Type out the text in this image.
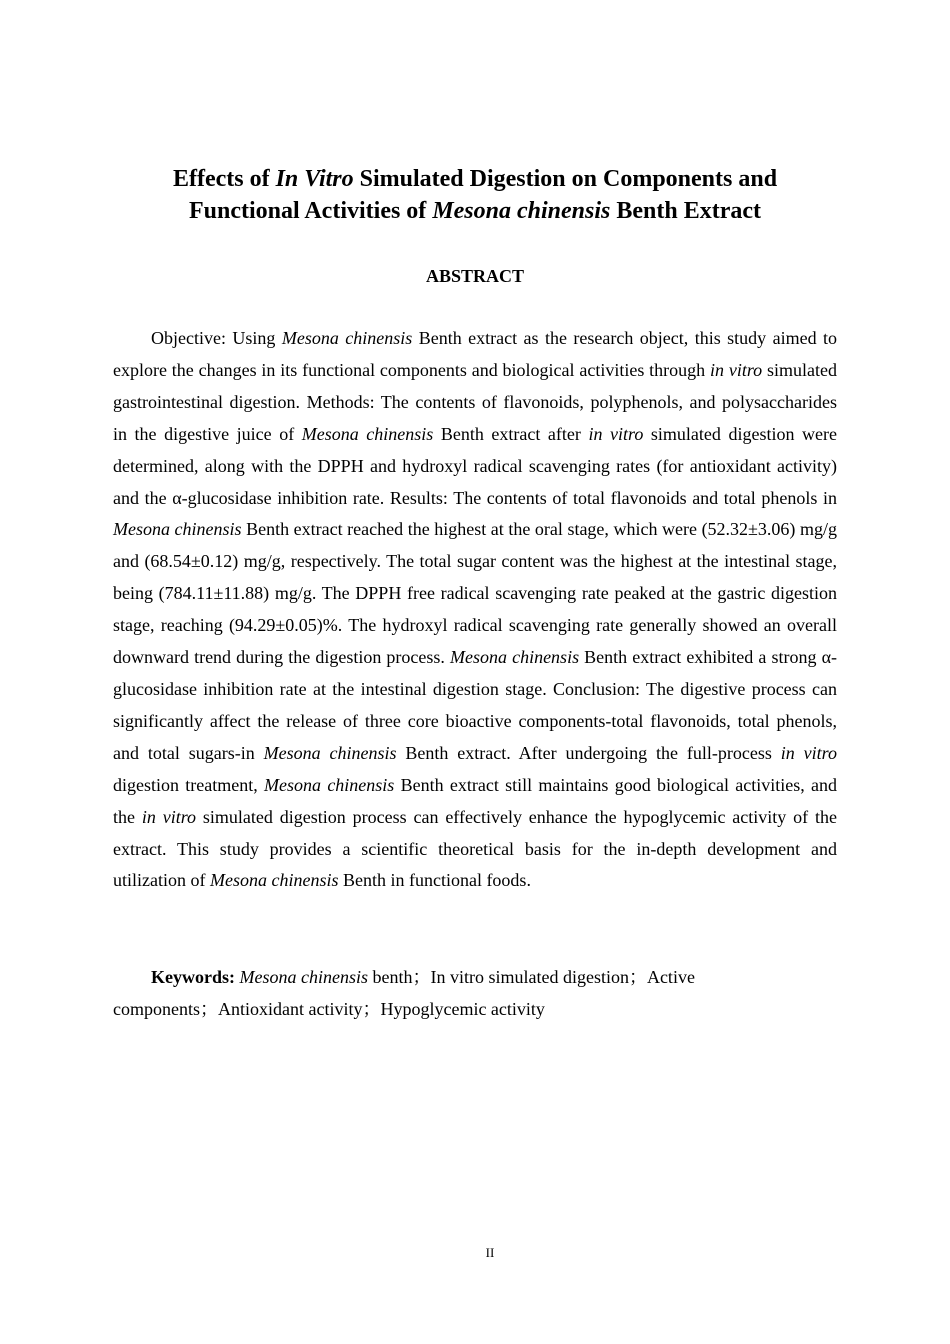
Effects of In Vitro Simulated Digestion on Components and
Functional Activities of Mesona chinensis Benth Extract
ABSTRACT

Objective: Using Mesona chinensis Benth extract as the research object, this study aimed to explore the changes in its functional components and biological activities through in vitro simulated gastrointestinal digestion. Methods: The contents of flavonoids, polyphenols, and polysaccharides in the digestive juice of Mesona chinensis Benth extract after in vitro simulated digestion were determined, along with the DPPH and hydroxyl radical scavenging rates (for antioxidant activity) and the α-glucosidase inhibition rate. Results: The contents of total flavonoids and total phenols in Mesona chinensis Benth extract reached the highest at the oral stage, which were (52.32±3.06) mg/g and (68.54±0.12) mg/g, respectively. The total sugar content was the highest at the intestinal stage, being (784.11±11.88) mg/g. The DPPH free radical scavenging rate peaked at the gastric digestion stage, reaching (94.29±0.05)%. The hydroxyl radical scavenging rate generally showed an overall downward trend during the digestion process. Mesona chinensis Benth extract exhibited a strong α-glucosidase inhibition rate at the intestinal digestion stage. Conclusion: The digestive process can significantly affect the release of three core bioactive components-total flavonoids, total phenols, and total sugars-in Mesona chinensis Benth extract. After undergoing the full-process in vitro digestion treatment, Mesona chinensis Benth extract still maintains good biological activities, and the in vitro simulated digestion process can effectively enhance the hypoglycemic activity of the extract. This study provides a scientific theoretical basis for the in-depth development and utilization of Mesona chinensis Benth in functional foods.

Keywords: Mesona chinensis benth；In vitro simulated digestion；Active components；Antioxidant activity；Hypoglycemic activity

II
